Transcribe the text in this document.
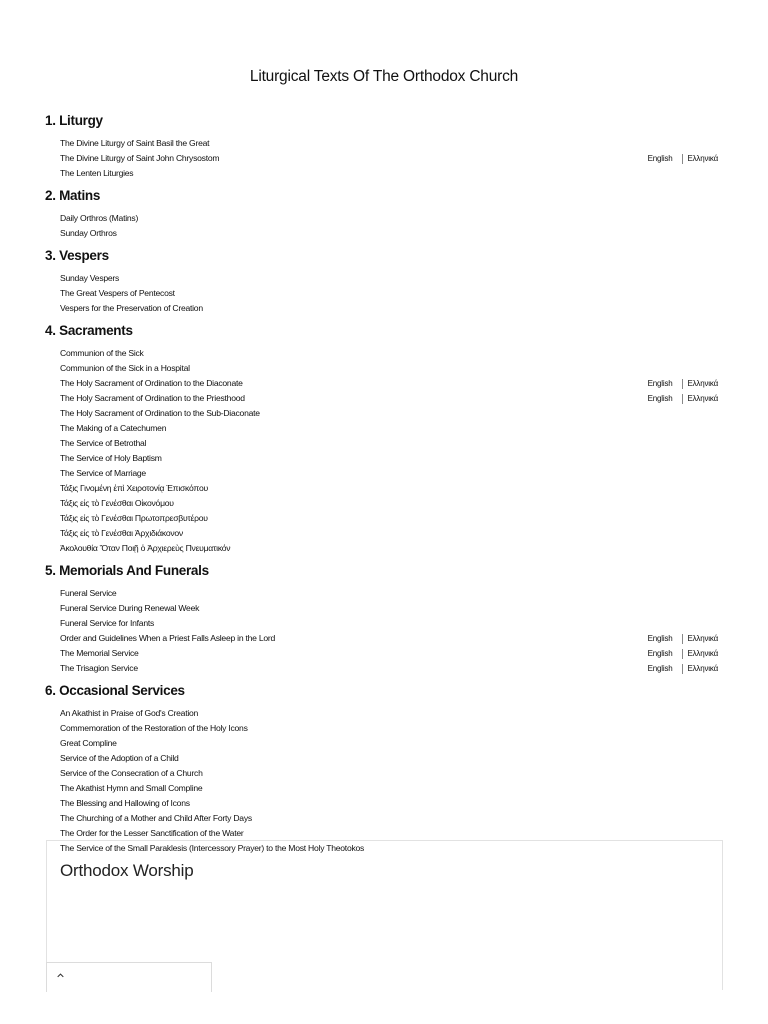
Liturgical Texts Of The Orthodox Church
1. Liturgy
The Divine Liturgy of Saint Basil the Great
The Divine Liturgy of Saint John Chrysostom	English Ελληνικά
The Lenten Liturgies
2. Matins
Daily Orthros (Matins)
Sunday Orthros
3. Vespers
Sunday Vespers
The Great Vespers of Pentecost
Vespers for the Preservation of Creation
4. Sacraments
Communion of the Sick
Communion of the Sick in a Hospital
The Holy Sacrament of Ordination to the Diaconate	English Ελληνικά
The Holy Sacrament of Ordination to the Priesthood	English Ελληνικά
The Holy Sacrament of Ordination to the Sub-Diaconate
The Making of a Catechumen
The Service of Betrothal
The Service of Holy Baptism
The Service of Marriage
Τάξις Γινομένη ἐπὶ Χειροτονίᾳ Ἐπισκόπου
Τάξις εἰς τὸ Γενέσθαι Οἰκονόμου
Τάξις εἰς τὸ Γενέσθαι Πρωτοπρεσβυτέρου
Τάξις εἰς τὸ Γενέσθαι Ἀρχιδιάκονον
Ἀκολουθία Ὅταν Ποιῇ ὁ Ἀρχιερεὺς Πνευματικόν
5. Memorials And Funerals
Funeral Service
Funeral Service During Renewal Week
Funeral Service for Infants
Order and Guidelines When a Priest Falls Asleep in the Lord	English Ελληνικά
The Memorial Service	English Ελληνικά
The Trisagion Service	English Ελληνικά
6. Occasional Services
An Akathist in Praise of God's Creation
Commemoration of the Restoration of the Holy Icons
Great Compline
Service of the Adoption of a Child
Service of the Consecration of a Church
The Akathist Hymn and Small Compline
The Blessing and Hallowing of Icons
The Churching of a Mother and Child After Forty Days
The Order for the Lesser Sanctification of the Water
The Service of the Small Paraklesis (Intercessory Prayer) to the Most Holy Theotokos
Orthodox Worship
